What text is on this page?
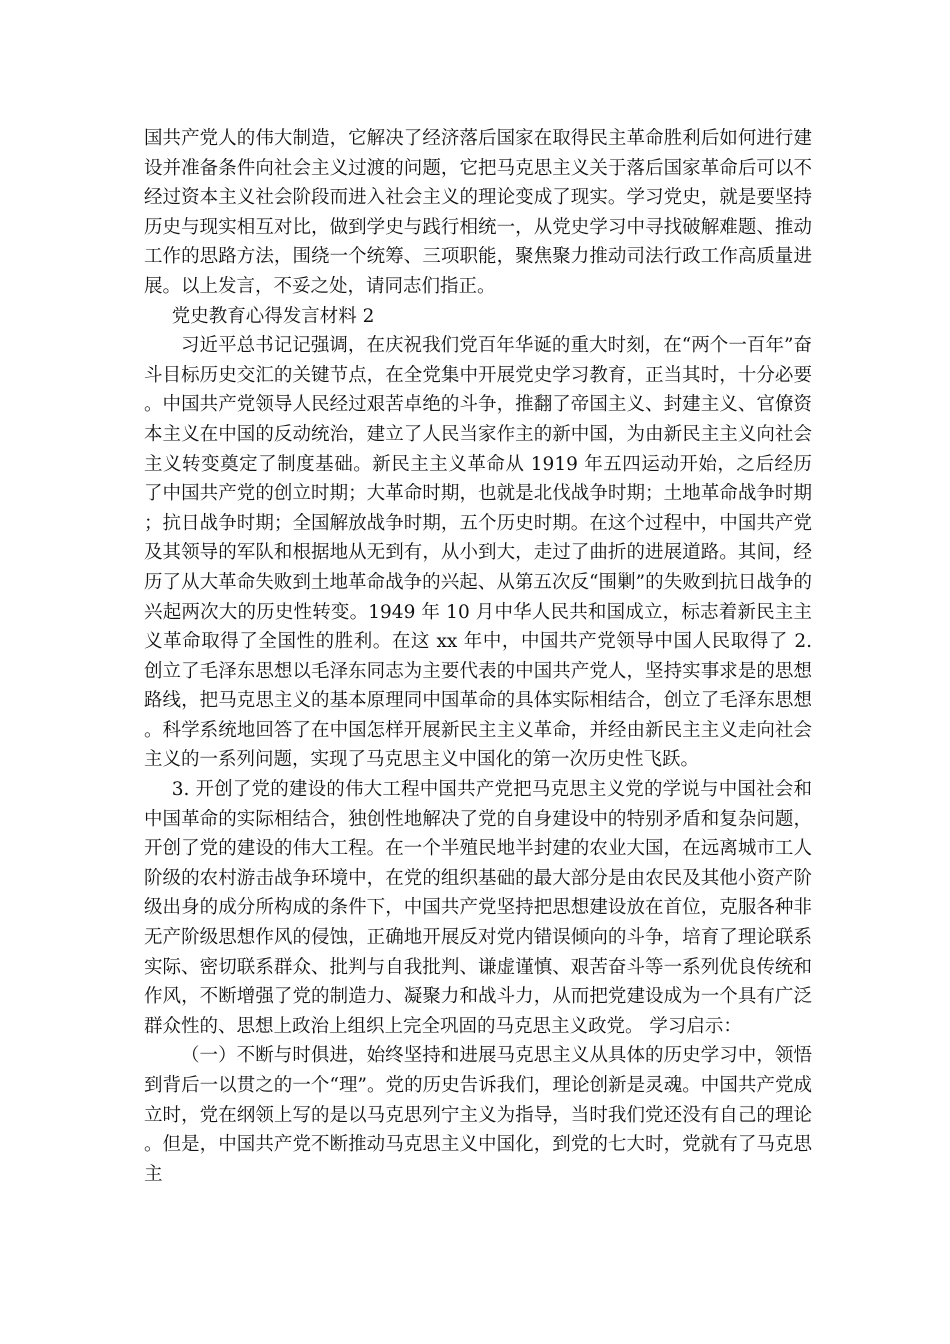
国共产党人的伟大制造，它解决了经济落后国家在取得民主革命胜利后如何进行建设并准备条件向社会主义过渡的问题，它把马克思主义关于落后国家革命后可以不经过资本主义社会阶段而进入社会主义的理论变成了现实。学习党史，就是要坚持历史与现实相互对比，做到学史与践行相统一，从党史学习中寻找破解难题、推动工作的思路方法，围绕一个统筹、三项职能，聚焦聚力推动司法行政工作高质量进展。以上发言，不妥之处，请同志们指正。

党史教育心得发言材料 2

习近平总书记记强调，在庆祝我们党百年华诞的重大时刻，在“两个一百年”奋斗目标历史交汇的关键节点，在全党集中开展党史学习教育，正当其时，十分必要。中国共产党领导人民经过艰苦卓绝的斗争，推翻了帝国主义、封建主义、官僚资本主义在中国的反动统治，建立了人民当家作主的新中国，为由新民主主义向社会主义转变奠定了制度基础。新民主主义革命从 1919 年五四运动开始，之后经历了中国共产党的创立时期；大革命时期，也就是北伐战争时期；土地革命战争时期；抗日战争时期；全国解放战争时期，五个历史时期。在这个过程中，中国共产党及其领导的军队和根据地从无到有，从小到大，走过了曲折的进展道路。其间，经历了从大革命失败到土地革命战争的兴起、从第五次反“围剿”的失败到抗日战争的兴起两次大的历史性转变。1949 年 10 月中华人民共和国成立，标志着新民主主义革命取得了全国性的胜利。在这 xx 年中，中国共产党领导中国人民取得了 2. 创立了毛泽东思想以毛泽东同志为主要代表的中国共产党人，坚持实事求是的思想路线，把马克思主义的基本原理同中国革命的具体实际相结合，创立了毛泽东思想。科学系统地回答了在中国怎样开展新民主主义革命，并经由新民主主义走向社会主义的一系列问题，实现了马克思主义中国化的第一次历史性飞跃。

3. 开创了党的建设的伟大工程中国共产党把马克思主义党的学说与中国社会和中国革命的实际相结合，独创性地解决了党的自身建设中的特别矛盾和复杂问题，开创了党的建设的伟大工程。在一个半殖民地半封建的农业大国，在远离城市工人阶级的农村游击战争环境中，在党的组织基础的最大部分是由农民及其他小资产阶级出身的成分所构成的条件下，中国共产党坚持把思想建设放在首位，克服各种非无产阶级思想作风的侵蚀，正确地开展反对党内错误倾向的斗争，培育了理论联系实际、密切联系群众、批判与自我批判、谦虚谨慎、艰苦奋斗等一系列优良传统和作风，不断增强了党的制造力、凝聚力和战斗力，从而把党建设成为一个具有广泛群众性的、思想上政治上组织上完全巩固的马克思主义政党。 学习启示：

（一）不断与时俱进，始终坚持和进展马克思主义从具体的历史学习中，领悟到背后一以贯之的一个“理”。党的历史告诉我们，理论创新是灵魂。中国共产党成立时，党在纲领上写的是以马克思列宁主义为指导，当时我们党还没有自己的理论。但是，中国共产党不断推动马克思主义中国化，到党的七大时，党就有了马克思主
